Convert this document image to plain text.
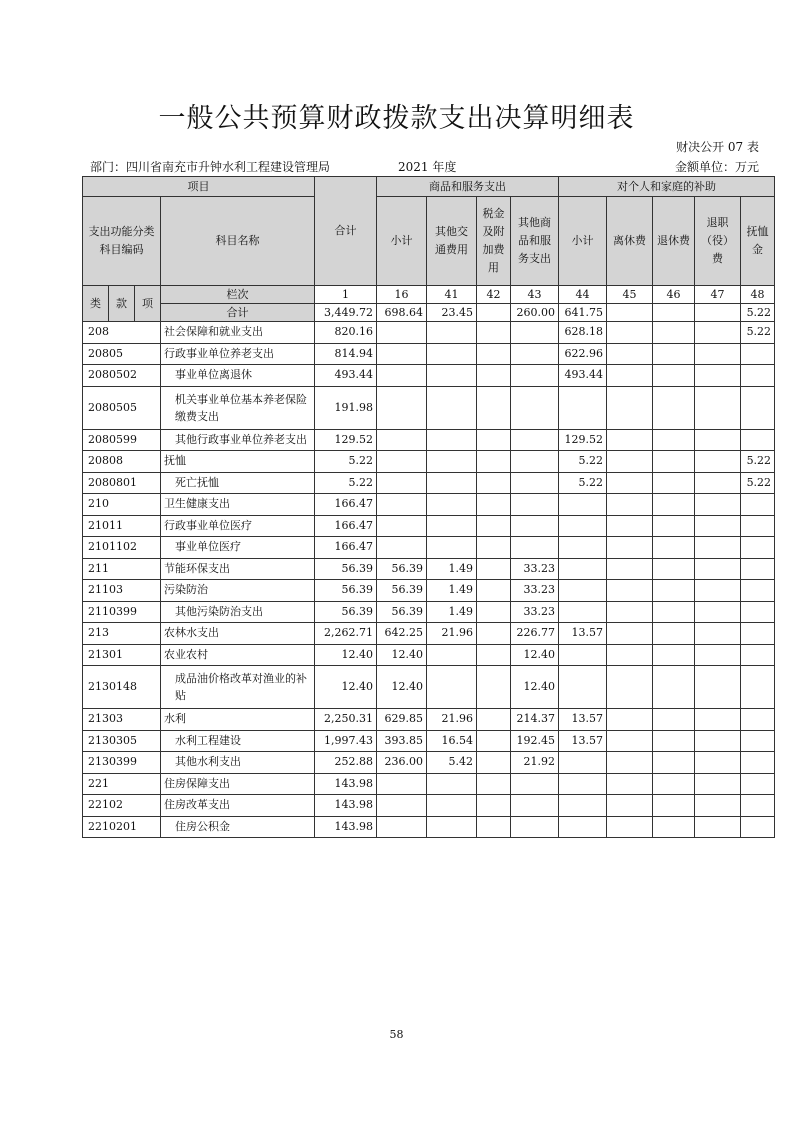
一般公共预算财政拨款支出决算明细表
财决公开 07 表
部门：四川省南充市升钟水利工程建设管理局	2021 年度	金额单位：万元
项目				合计	商品和服务支出				对个人和家庭的补助				
支出功能分类科目编码			科目名称		小计	其他交通费用	税金及附加费用	其他商品和服务支出	小计	离休费	退休费	退职（役）费	抚恤金
类	款	项	栏次	1	16	41	42	43	44	45	46	47	48
			合计	3,449.72	698.64	23.45		260.00	641.75				5.22
208			社会保障和就业支出	820.16					628.18				5.22
20805			行政事业单位养老支出	814.94					622.96				
2080502			事业单位离退休	493.44					493.44				
2080505			机关事业单位基本养老保险缴费支出	191.98									
2080599			其他行政事业单位养老支出	129.52					129.52				
20808			抚恤	5.22					5.22				5.22
2080801			死亡抚恤	5.22					5.22				5.22
210			卫生健康支出	166.47									
21011			行政事业单位医疗	166.47									
2101102			事业单位医疗	166.47									
211			节能环保支出	56.39	56.39	1.49		33.23					
21103			污染防治	56.39	56.39	1.49		33.23					
2110399			其他污染防治支出	56.39	56.39	1.49		33.23					
213			农林水支出	2,262.71	642.25	21.96		226.77	13.57				
21301			农业农村	12.40	12.40			12.40					
2130148			成品油价格改革对渔业的补贴	12.40	12.40			12.40					
21303			水利	2,250.31	629.85	21.96		214.37	13.57				
2130305			水利工程建设	1,997.43	393.85	16.54		192.45	13.57				
2130399			其他水利支出	252.88	236.00	5.42		21.92					
221			住房保障支出	143.98									
22102			住房改革支出	143.98									
2210201			住房公积金	143.98									
58
